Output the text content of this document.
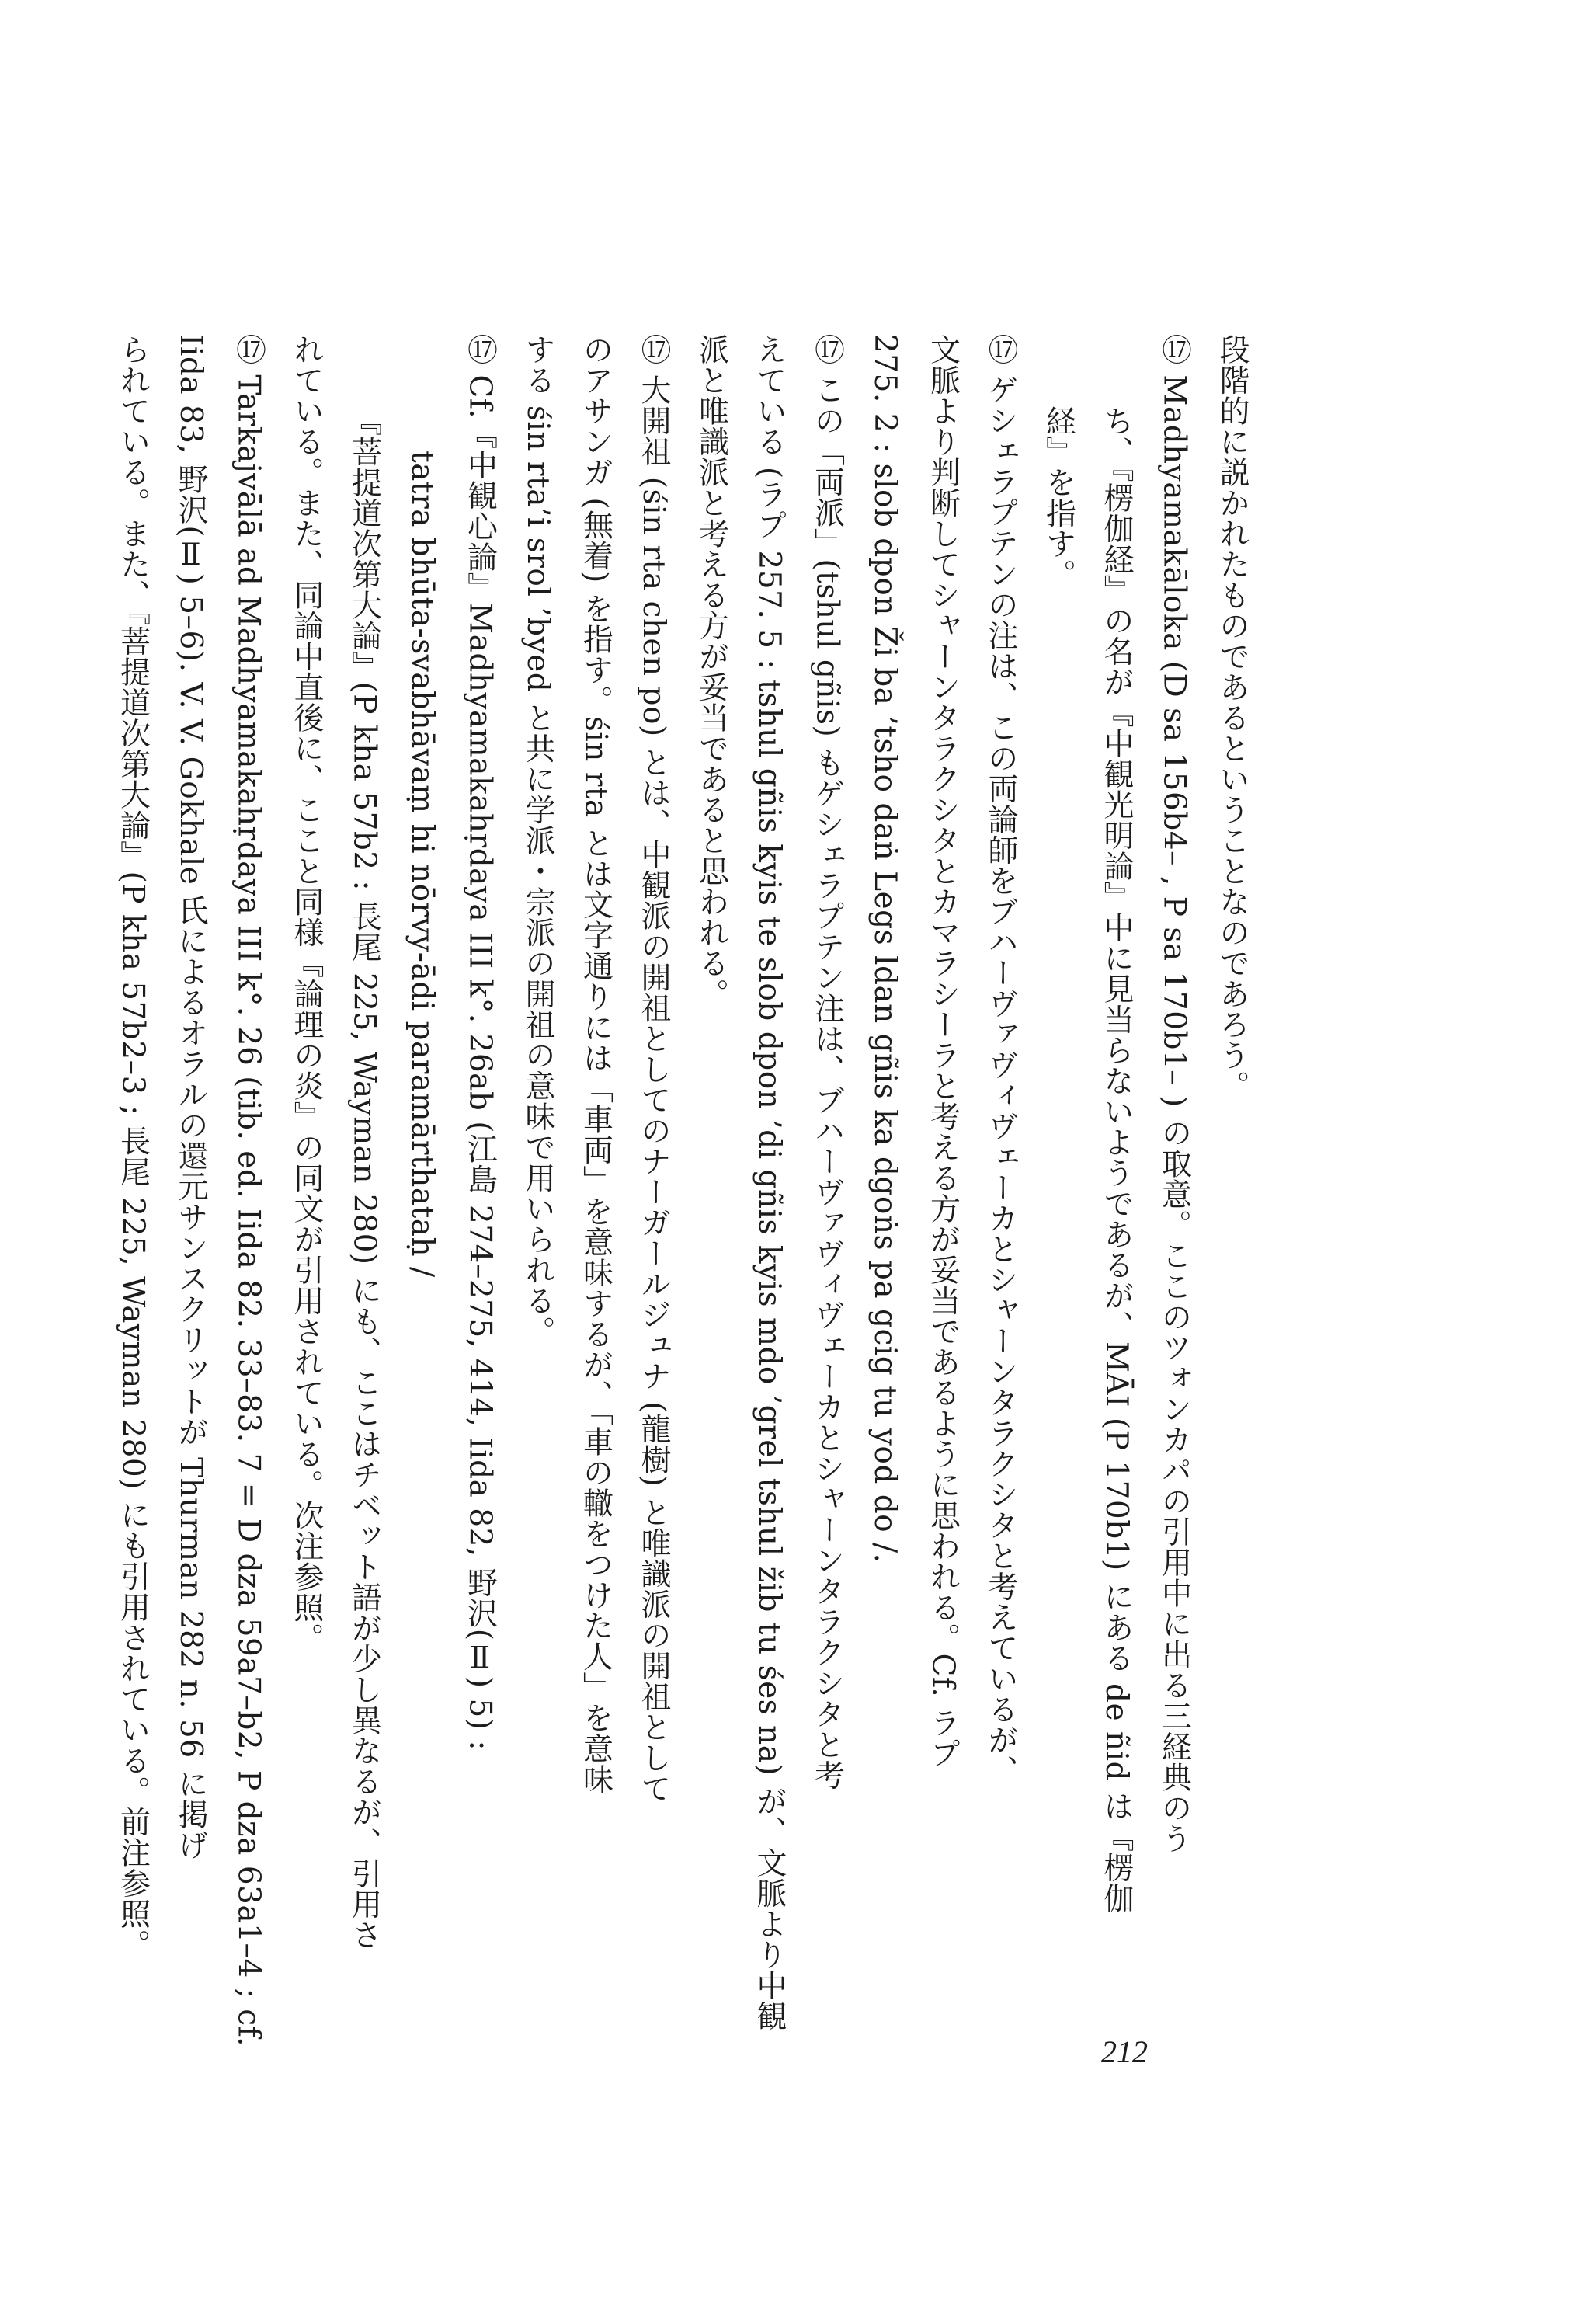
段階的に説かれたものであるということなのであろう。
⑰ Madhyamakāloka (D sa 156b4– , P sa 170b1– ) の取意。ここのツォンカパの引用中に出る三経典のう
ち、『楞伽経』の名が『中観光明論』中に見当らないようであるが、MĀI (P 170b1) にある de ñid は『楞伽
経』を指す。
⑰ ゲシェラプテンの注は、この両論師をブハーヴァヴィヴェーカとシャーンタラクシタと考えているが、
文脈より判断してシャーンタラクシタとカマラシーラと考える方が妥当であるように思われる。Cf. ラプ
275. 2 : slob dpon Ži ba ’tsho daṅ Legs ldan gñis ka dgoṅs pa gcig tu yod do /.
⑰ この「両派」(tshul gñis) もゲシェラプテン注は、ブハーヴァヴィヴェーカとシャーンタラクシタと考
えている (ラプ 257. 5 : tshul gñis kyis te slob dpon ’di gñis kyis mdo ’grel tshul žib tu śes na) が、文脈より中観
派と唯識派と考える方が妥当であると思われる。
⑰ 大開祖 (śin rta chen po) とは、中観派の開祖としてのナーガールジュナ (龍樹) と唯識派の開祖として
のアサンガ (無着) を指す。śin rta とは文字通りには「車両」を意味するが、「車の轍をつけた人」を意味
する śin rta’i srol ’byed と共に学派・宗派の開祖の意味で用いられる。
⑰ Cf.『中観心論』Madhyamakahṛdaya III k°. 26ab (江島 274–275, 414, Iida 82, 野沢(Ⅱ) 5) :
tatra bhūta-svabhāvaṃ hi nōrvy-ādi paramārthataḥ /
『菩提道次第大論』(P kha 57b2 : 長尾 225, Wayman 280) にも、ここはチベット語が少し異なるが、引用さ
れている。また、同論中直後に、ここと同様『論理の炎』の同文が引用されている。次注参照。
⑰ Tarkajvālā ad Madhyamakahṛdaya III k°. 26 (tib. ed. Iida 82. 33–83. 7 = D dza 59a7–b2, P dza 63a1–4 ; cf.
Iida 83, 野沢(Ⅱ) 5–6). V. V. Gokhale 氏によるオラルの還元サンスクリットが Thurman 282 n. 56 に掲げ
られている。また、『菩提道次第大論』(P kha 57b2–3 ; 長尾 225, Wayman 280) にも引用されている。前注参照。
212
